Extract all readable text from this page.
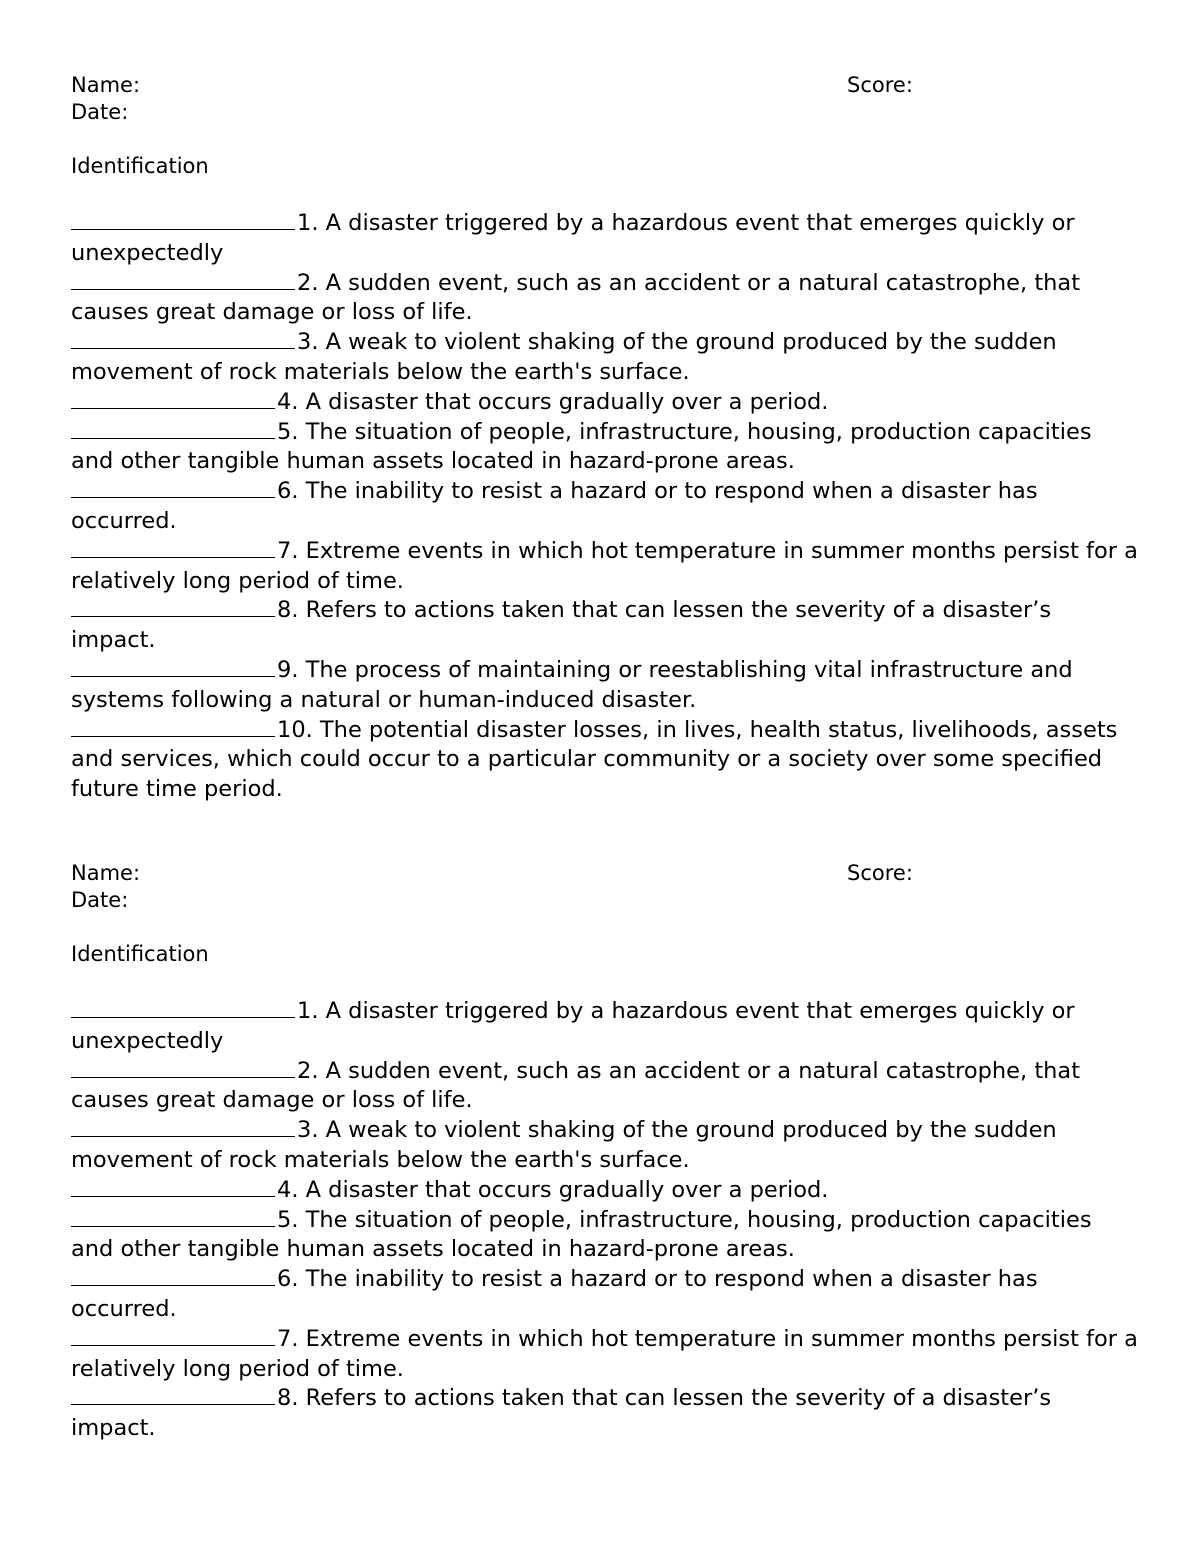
Name:	Score:
Date:
Identification

1. A disaster triggered by a hazardous event that emerges quickly or unexpectedly

2. A sudden event, such as an accident or a natural catastrophe, that causes great damage or loss of life.

3. A weak to violent shaking of the ground produced by the sudden movement of rock materials below the earth's surface.

4. A disaster that occurs gradually over a period.

5. The situation of people, infrastructure, housing, production capacities and other tangible human assets located in hazard-prone areas.

6. The inability to resist a hazard or to respond when a disaster has occurred.

7. Extreme events in which hot temperature in summer months persist for a relatively long period of time.

8. Refers to actions taken that can lessen the severity of a disaster’s impact.

9. The process of maintaining or reestablishing vital infrastructure and systems following a natural or human-induced disaster.

10. The potential disaster losses, in lives, health status, livelihoods, assets and services, which could occur to a particular community or a society over some specified future time period.

Name:	Score:
Date:
Identification

1. A disaster triggered by a hazardous event that emerges quickly or unexpectedly

2. A sudden event, such as an accident or a natural catastrophe, that causes great damage or loss of life.

3. A weak to violent shaking of the ground produced by the sudden movement of rock materials below the earth's surface.

4. A disaster that occurs gradually over a period.

5. The situation of people, infrastructure, housing, production capacities and other tangible human assets located in hazard-prone areas.

6. The inability to resist a hazard or to respond when a disaster has occurred.

7. Extreme events in which hot temperature in summer months persist for a relatively long period of time.

8. Refers to actions taken that can lessen the severity of a disaster’s impact.
